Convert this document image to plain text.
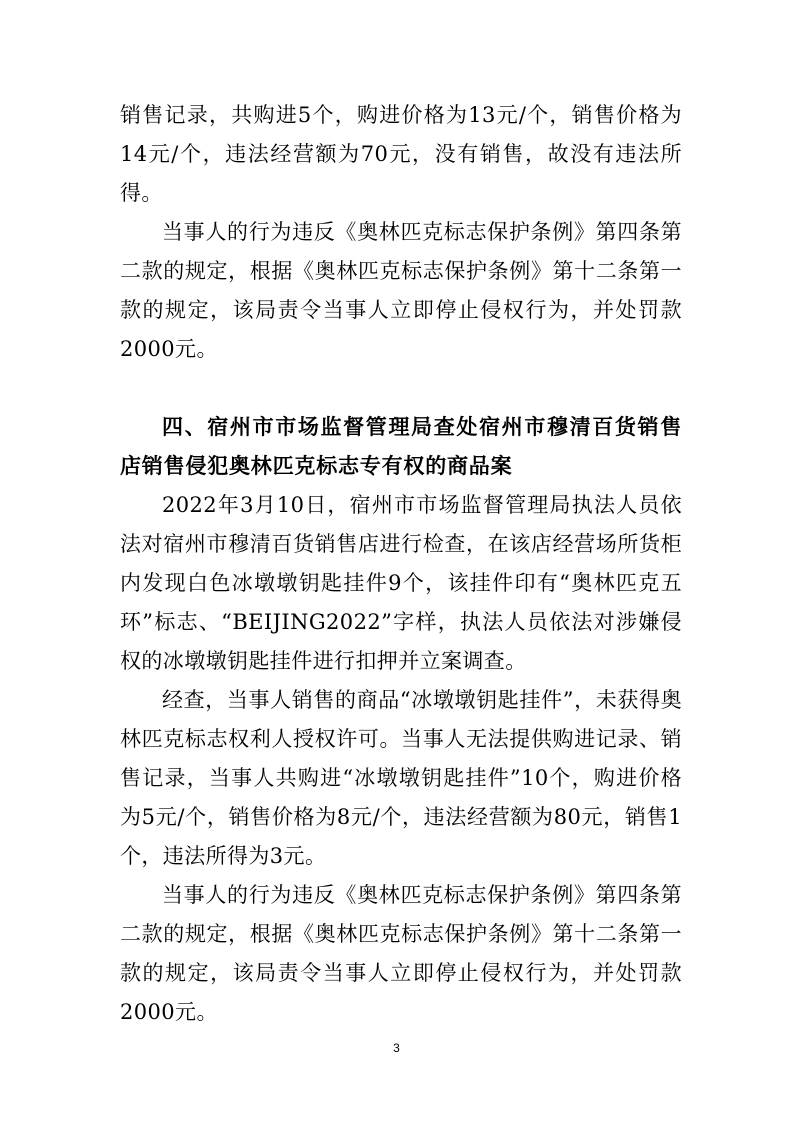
销售记录，共购进5个，购进价格为13元/个，销售价格为14元/个，违法经营额为70元，没有销售，故没有违法所得。

当事人的行为违反《奥林匹克标志保护条例》第四条第二款的规定，根据《奥林匹克标志保护条例》第十二条第一款的规定，该局责令当事人立即停止侵权行为，并处罚款2000元。

四、宿州市市场监督管理局查处宿州市穆清百货销售店销售侵犯奥林匹克标志专有权的商品案

2022年3月10日，宿州市市场监督管理局执法人员依法对宿州市穆清百货销售店进行检查，在该店经营场所货柜内发现白色冰墩墩钥匙挂件9个，该挂件印有“奥林匹克五环”标志、“BEIJING2022”字样，执法人员依法对涉嫌侵权的冰墩墩钥匙挂件进行扣押并立案调查。

经查，当事人销售的商品“冰墩墩钥匙挂件”，未获得奥林匹克标志权利人授权许可。当事人无法提供购进记录、销售记录，当事人共购进“冰墩墩钥匙挂件”10个，购进价格为5元/个，销售价格为8元/个，违法经营额为80元，销售1个，违法所得为3元。

当事人的行为违反《奥林匹克标志保护条例》第四条第二款的规定，根据《奥林匹克标志保护条例》第十二条第一款的规定，该局责令当事人立即停止侵权行为，并处罚款2000元。

3
